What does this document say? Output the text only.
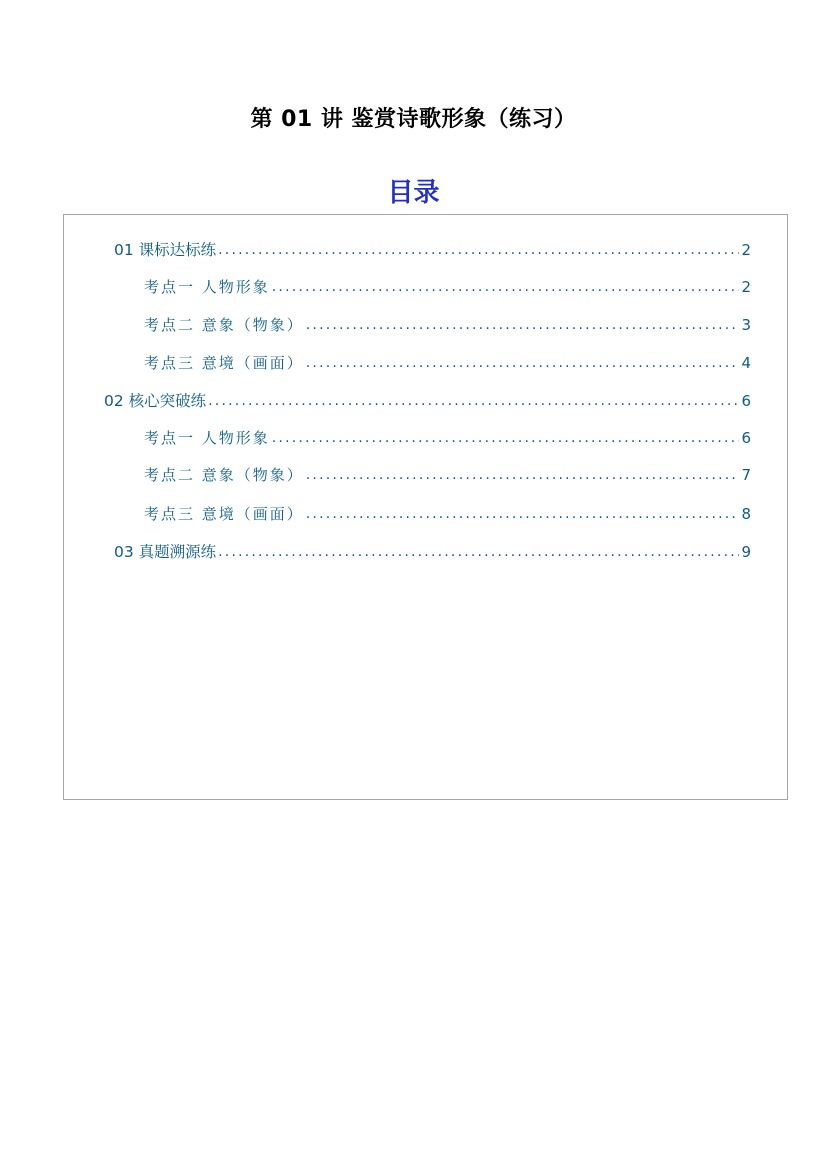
第 01 讲 鉴赏诗歌形象（练习）
目录
01 课标达标练 .....	2
考点一 人物形象 .....	2
考点二 意象（物象） .....	3
考点三 意境（画面） .....	4
02 核心突破练 .....	6
考点一 人物形象 .....	6
考点二 意象（物象） .....	7
考点三 意境（画面） .....	8
03 真题溯源练 .....	9
